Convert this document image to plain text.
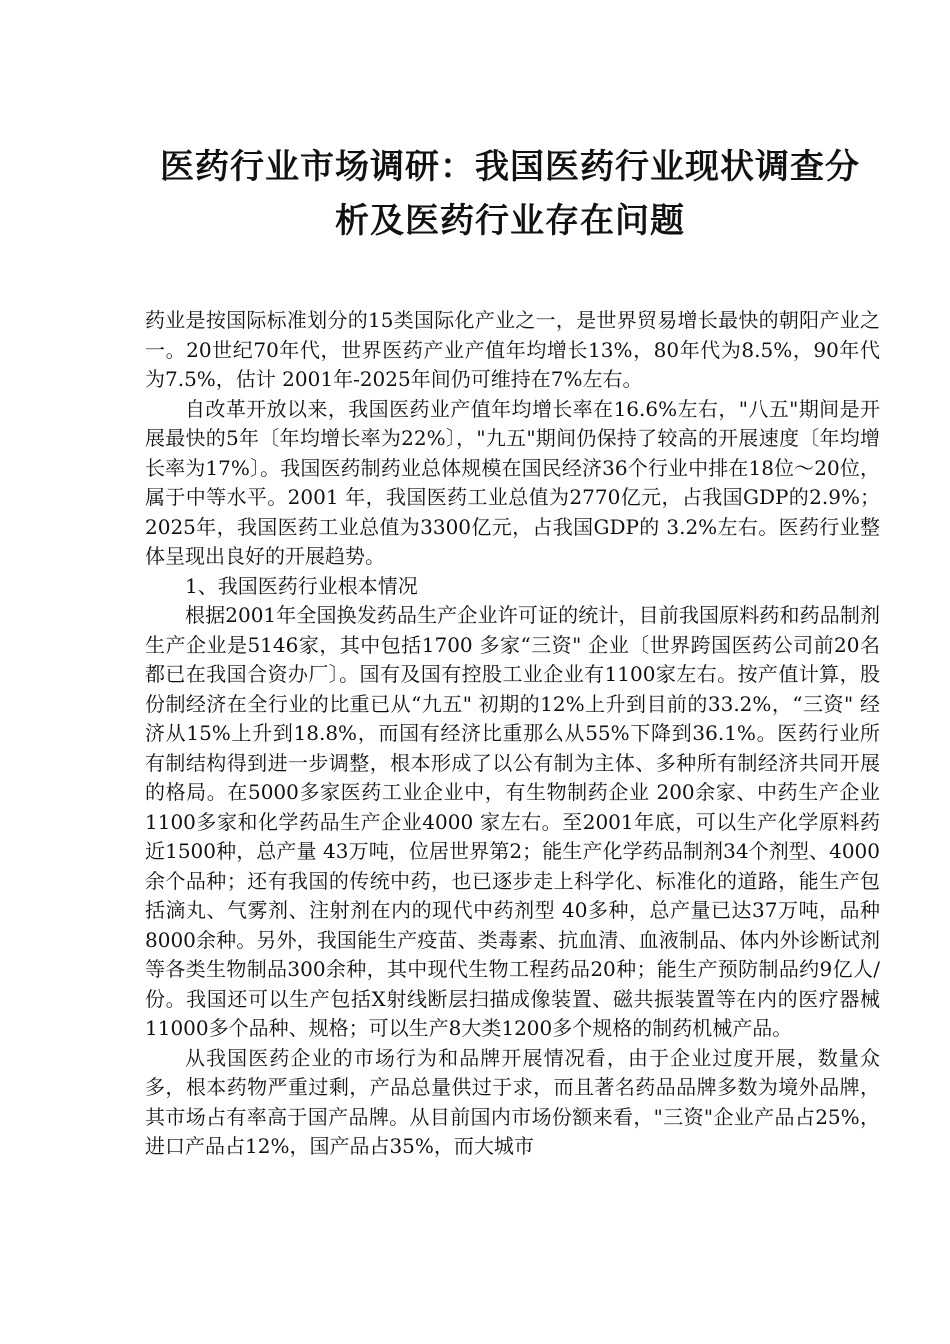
医药行业市场调研：我国医药行业现状调查分析及医药行业存在问题

药业是按国际标准划分的15类国际化产业之一，是世界贸易增长最快的朝阳产业之一。20世纪70年代，世界医药产业产值年均增长13%，80年代为8.5%，90年代为7.5%，估计 2001年-2025年间仍可维持在7%左右。

自改革开放以来，我国医药业产值年均增长率在16.6%左右，"八五"期间是开展最快的5年〔年均增长率为22%〕，"九五"期间仍保持了较高的开展速度〔年均增长率为17%〕。我国医药制药业总体规模在国民经济36个行业中排在18位～20位，属于中等水平。2001 年，我国医药工业总值为2770亿元，占我国GDP的2.9%； 2025年，我国医药工业总值为3300亿元，占我国GDP的 3.2%左右。医药行业整体呈现出良好的开展趋势。

1、我国医药行业根本情况

根据2001年全国换发药品生产企业许可证的统计，目前我国原料药和药品制剂生产企业是5146家，其中包括1700 多家“三资" 企业〔世界跨国医药公司前20名都已在我国合资办厂〕。国有及国有控股工业企业有1100家左右。按产值计算，股份制经济在全行业的比重已从“九五" 初期的12%上升到目前的33.2%，“三资" 经济从15%上升到18.8%，而国有经济比重那么从55%下降到36.1%。医药行业所有制结构得到进一步调整，根本形成了以公有制为主体、多种所有制经济共同开展的格局。在5000多家医药工业企业中，有生物制药企业 200余家、中药生产企业1100多家和化学药品生产企业4000 家左右。至2001年底，可以生产化学原料药近1500种，总产量 43万吨，位居世界第2；能生产化学药品制剂34个剂型、4000余个品种；还有我国的传统中药，也已逐步走上科学化、标准化的道路，能生产包括滴丸、气雾剂、注射剂在内的现代中药剂型 40多种，总产量已达37万吨，品种8000余种。另外，我国能生产疫苗、类毒素、抗血清、血液制品、体内外诊断试剂等各类生物制品300余种，其中现代生物工程药品20种；能生产预防制品约9亿人/份。我国还可以生产包括X射线断层扫描成像装置、磁共振装置等在内的医疗器械11000多个品种、规格；可以生产8大类1200多个规格的制药机械产品。

从我国医药企业的市场行为和品牌开展情况看，由于企业过度开展，数量众多，根本药物严重过剩，产品总量供过于求，而且著名药品品牌多数为境外品牌，其市场占有率高于国产品牌。从目前国内市场份额来看，"三资"企业产品占25%，进口产品占12%，国产品占35%，而大城市
